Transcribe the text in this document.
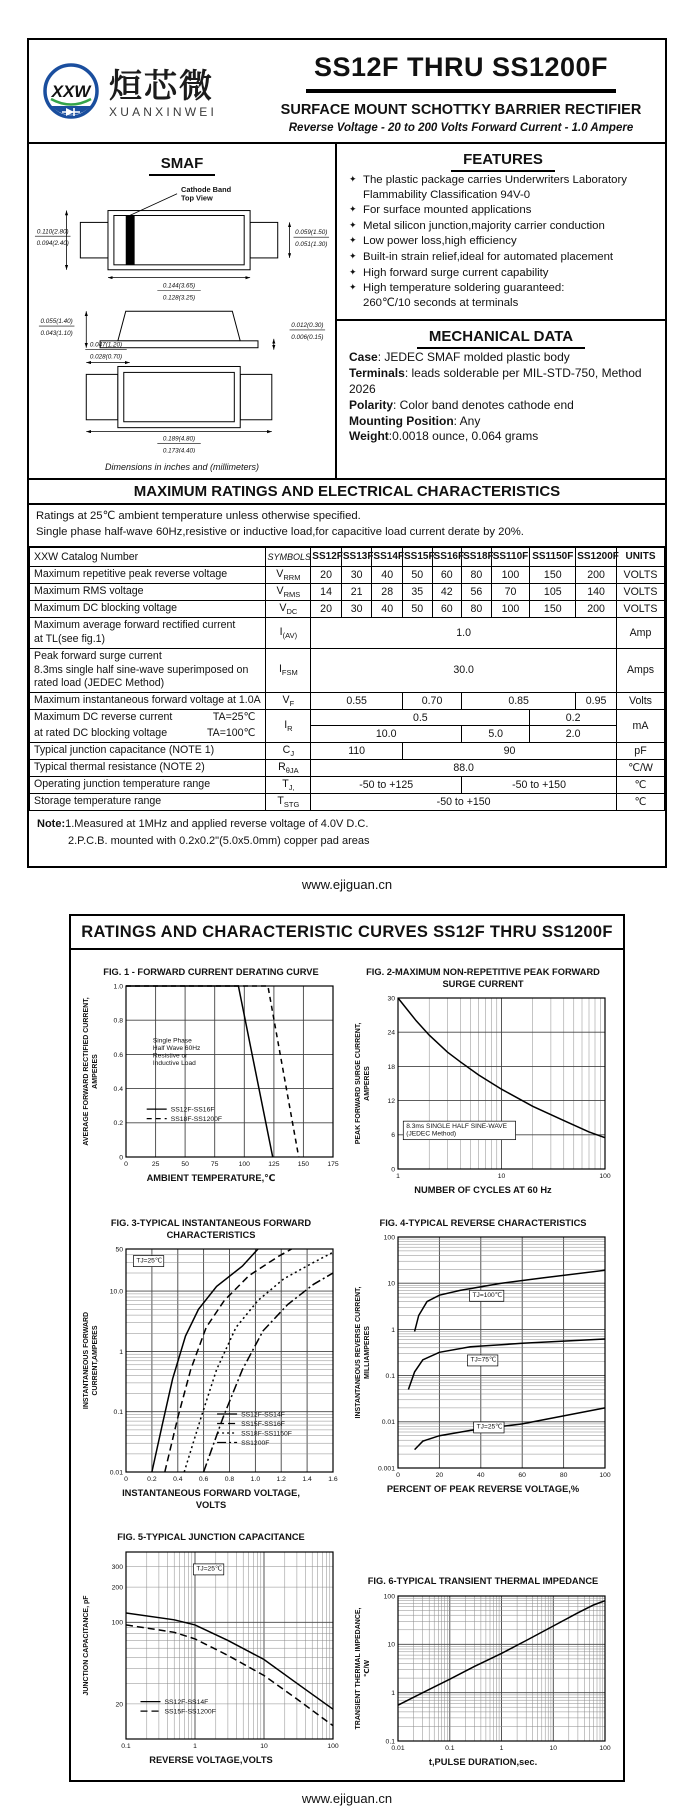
XXW 烜芯微
XUANXINWEI
SS12F THRU SS1200F
SURFACE MOUNT SCHOTTKY BARRIER RECTIFIER
Reverse Voltage - 20 to 200 Volts Forward Current - 1.0 Ampere
SMAF
Cathode Band
Top View
0.110(2.80)
0.094(2.40)
0.059(1.50)
0.051(1.30)
0.144(3.65)
0.128(3.25)
0.055(1.40)
0.043(1.10)
0.012(0.30)
0.006(0.15)
0.047(1.20)
0.028(0.70)
0.189(4.80)
0.173(4.40)
Dimensions in inches and (millimeters)
FEATURES
✦ The plastic package carries Underwriters Laboratory
Flammability Classification 94V-0
✦ For surface mounted applications
✦ Metal silicon junction,majority carrier conduction
✦ Low power loss,high efficiency
✦ Built-in strain relief,ideal for automated placement
✦ High forward surge current capability
✦ High temperature soldering guaranteed:
260℃/10 seconds at terminals
MECHANICAL DATA
Case: JEDEC SMAF molded plastic body
Terminals: leads solderable per MIL-STD-750, Method 2026
Polarity: Color band denotes cathode end
Mounting Position: Any
Weight:0.0018 ounce, 0.064 grams
MAXIMUM RATINGS AND ELECTRICAL CHARACTERISTICS
Ratings at 25℃ ambient temperature unless otherwise specified.
Single phase half-wave 60Hz,resistive or inductive load,for capacitive load current derate by 20%.
XXW Catalog Number	SYMBOLS	SS12F	SS13F	SS14F	SS15F	SS16F	SS18F	SS110F	SS1150F	SS1200F	UNITS
Maximum repetitive peak reverse voltage	$V_{RRM}$	20	30	40	50	60	80	100	150	200	VOLTS
Maximum RMS voltage	$V_{RMS}$	14	21	28	35	42	56	70	105	140	VOLTS
Maximum DC blocking voltage	$V_{DC}$	20	30	40	50	60	80	100	150	200	VOLTS
Maximum average forward rectified current
at TL(see fig.1)	$I_{(AV)}$	1.0									Amp
Peak forward surge current
8.3ms single half sine-wave superimposed on
rated load (JEDEC Method)	$I_{FSM}$	30.0									Amps
Maximum instantaneous forward voltage at 1.0A	$V_F$	0.55			0.70		0.85			0.95	Volts

Maximum DC reverse current TA=25℃	$I_R$	0.5							0.2		mA

at rated DC blocking voltage TA=100℃		10.0					5.0		2.0		
Typical junction capacitance (NOTE 1)	$C_J$	110			90						pF
Typical thermal resistance (NOTE 2)	$R_{\theta JA}$	88.0									℃/W
Operating junction temperature range	$T_{J,}$	-50 to +125					-50 to +150				℃
Storage temperature range	$T_{STG}$	-50 to +150									℃
Note:1.Measured at 1MHz and applied reverse voltage of 4.0V D.C.
2.P.C.B. mounted with 0.2x0.2"(5.0x5.0mm) copper pad areas
www.ejiguan.cn
RATINGS AND CHARACTERISTIC CURVES SS12F THRU SS1200F
FIG. 1 - FORWARD CURRENT DERATING CURVE
0	25	50	75	100	125	150	175
0
0.2
0.4
0.6
0.8
1.0
AVERAGE FORWARD RECTIFIED CURRENT, AMPERES
Single Phase
Half Wave 60Hz
Resistive or
Inductive Load
SS12F-SS16F
SS18F-SS1200F
AMBIENT TEMPERATURE,℃
FIG. 2-MAXIMUM NON-REPETITIVE PEAK FORWARD
SURGE CURRENT
1	10	100
0
6
12
18
24
30
PEAK FORWARD SURGE CURRENT, AMPERES
8.3ms SINGLE HALF SINE-WAVE
(JEDEC Method)
NUMBER OF CYCLES AT 60 Hz
FIG. 3-TYPICAL INSTANTANEOUS FORWARD
CHARACTERISTICS
0	0.2 0.4 0.6 0.8 1.0 1.2 1.4 1.6
0.01
0.1
1
10.0
50
INSTANTANEOUS FORWARD CURRENT,AMPERES
TJ=25℃
SS12F-SS14F
SS15F-SS16F
SS18F-SS1150F
SS1200F
INSTANTANEOUS FORWARD VOLTAGE,
VOLTS
FIG. 4-TYPICAL REVERSE CHARACTERISTICS
0	20	40	60	80	100
0.001
0.01
0.1
1
10
100
INSTANTANEOUS REVERSE CURRENT, MILLIAMPERES
TJ=100℃
TJ=75℃
TJ=25℃
PERCENT OF PEAK REVERSE VOLTAGE,%
FIG. 5-TYPICAL JUNCTION CAPACITANCE
0.1	1	10	100
20
100
200
300
JUNCTION CAPACITANCE, pF
TJ=25℃
SS12F-SS14F
SS15F-SS1200F
REVERSE VOLTAGE,VOLTS
FIG. 6-TYPICAL TRANSIENT THERMAL IMPEDANCE
0.01	0.1	1	10	100
0.1
1
10
100
TRANSIENT THERMAL IMPEDANCE, ℃/W
t,PULSE DURATION,sec.
www.ejiguan.cn
